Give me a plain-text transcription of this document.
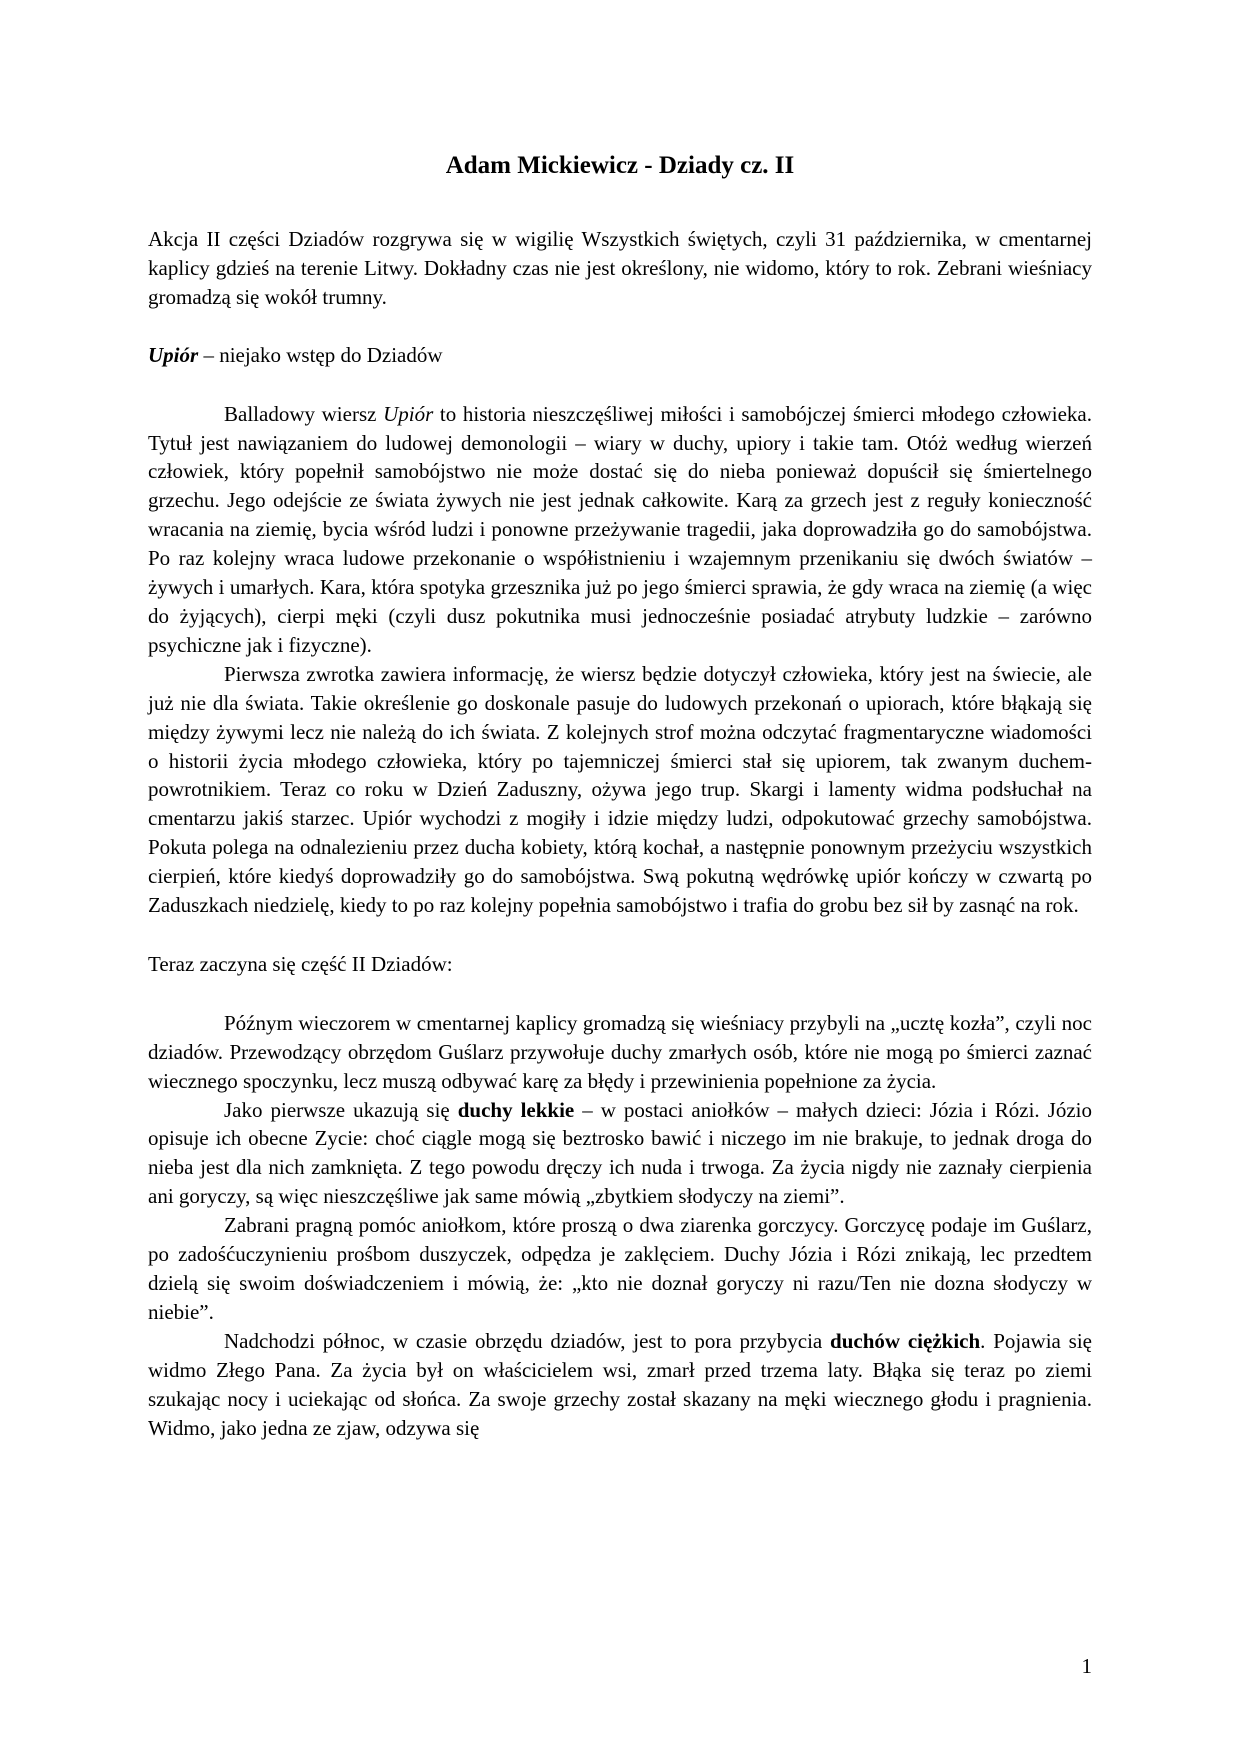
Adam Mickiewicz - Dziady cz. II

Akcja II części Dziadów rozgrywa się w wigilię Wszystkich świętych, czyli 31 października, w cmentarnej kaplicy gdzieś na terenie Litwy. Dokładny czas nie jest określony, nie widomo, który to rok. Zebrani wieśniacy gromadzą się wokół trumny.

Upiór – niejako wstęp do Dziadów

Balladowy wiersz Upiór to historia nieszczęśliwej miłości i samobójczej śmierci młodego człowieka. Tytuł jest nawiązaniem do ludowej demonologii – wiary w duchy, upiory i takie tam. Otóż według wierzeń człowiek, który popełnił samobójstwo nie może dostać się do nieba ponieważ dopuścił się śmiertelnego grzechu. Jego odejście ze świata żywych nie jest jednak całkowite. Karą za grzech jest z reguły konieczność wracania na ziemię, bycia wśród ludzi i ponowne przeżywanie tragedii, jaka doprowadziła go do samobójstwa. Po raz kolejny wraca ludowe przekonanie o współistnieniu i wzajemnym przenikaniu się dwóch światów – żywych i umarłych. Kara, która spotyka grzesznika już po jego śmierci sprawia, że gdy wraca na ziemię (a więc do żyjących), cierpi męki (czyli dusz pokutnika musi jednocześnie posiadać atrybuty ludzkie – zarówno psychiczne jak i fizyczne).

Pierwsza zwrotka zawiera informację, że wiersz będzie dotyczył człowieka, który jest na świecie, ale już nie dla świata. Takie określenie go doskonale pasuje do ludowych przekonań o upiorach, które błąkają się między żywymi lecz nie należą do ich świata. Z kolejnych strof można odczytać fragmentaryczne wiadomości o historii życia młodego człowieka, który po tajemniczej śmierci stał się upiorem, tak zwanym duchem-powrotnikiem. Teraz co roku w Dzień Zaduszny, ożywa jego trup. Skargi i lamenty widma podsłuchał na cmentarzu jakiś starzec. Upiór wychodzi z mogiły i idzie między ludzi, odpokutować grzechy samobójstwa. Pokuta polega na odnalezieniu przez ducha kobiety, którą kochał, a następnie ponownym przeżyciu wszystkich cierpień, które kiedyś doprowadziły go do samobójstwa. Swą pokutną wędrówkę upiór kończy w czwartą po Zaduszkach niedzielę, kiedy to po raz kolejny popełnia samobójstwo i trafia do grobu bez sił by zasnąć na rok.

Teraz zaczyna się część II Dziadów:

Późnym wieczorem w cmentarnej kaplicy gromadzą się wieśniacy przybyli na „ucztę kozła”, czyli noc dziadów. Przewodzący obrzędom Guślarz przywołuje duchy zmarłych osób, które nie mogą po śmierci zaznać wiecznego spoczynku, lecz muszą odbywać karę za błędy i przewinienia popełnione za życia.

Jako pierwsze ukazują się duchy lekkie – w postaci aniołków – małych dzieci: Józia i Rózi. Józio opisuje ich obecne Zycie: choć ciągle mogą się beztrosko bawić i niczego im nie brakuje, to jednak droga do nieba jest dla nich zamknięta. Z tego powodu dręczy ich nuda i trwoga. Za życia nigdy nie zaznały cierpienia ani goryczy, są więc nieszczęśliwe jak same mówią „zbytkiem słodyczy na ziemi”.

Zabrani pragną pomóc aniołkom, które proszą o dwa ziarenka gorczycy. Gorczycę podaje im Guślarz, po zadośćuczynieniu prośbom duszyczek, odpędza je zaklęciem. Duchy Józia i Rózi znikają, lec przedtem dzielą się swoim doświadczeniem i mówią, że: „kto nie doznał goryczy ni razu/Ten nie dozna słodyczy w niebie”.

Nadchodzi północ, w czasie obrzędu dziadów, jest to pora przybycia duchów ciężkich. Pojawia się widmo Złego Pana. Za życia był on właścicielem wsi, zmarł przed trzema laty. Błąka się teraz po ziemi szukając nocy i uciekając od słońca. Za swoje grzechy został skazany na męki wiecznego głodu i pragnienia. Widmo, jako jedna ze zjaw, odzywa się

1
